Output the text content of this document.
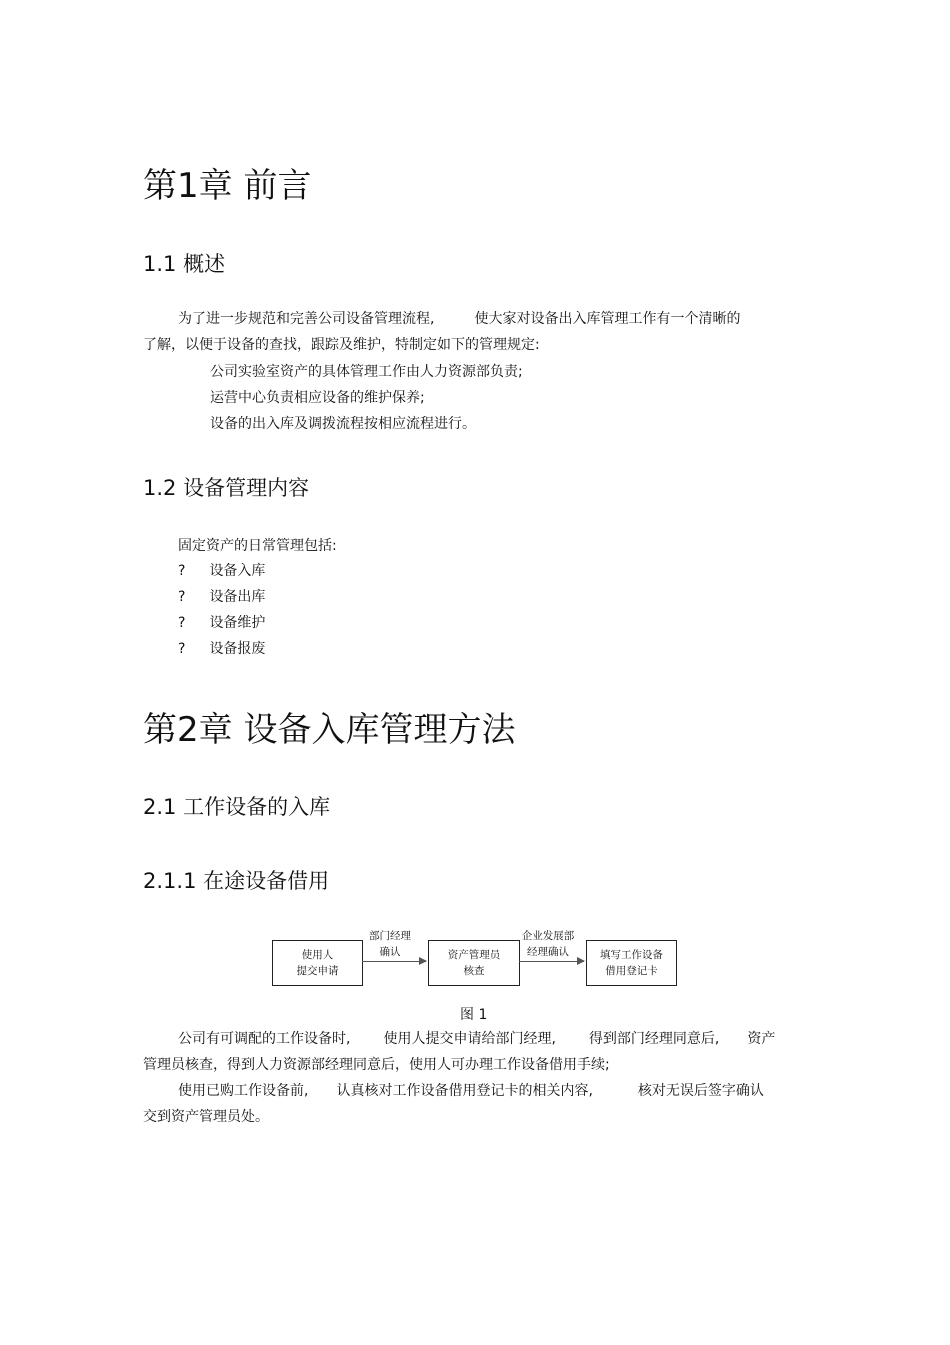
第1章 前言
1.1 概述
为了进一步规范和完善公司设备管理流程,	使大家对设备出入库管理工作有一个清晰的
了解，以便于设备的查找，跟踪及维护，特制定如下的管理规定:
公司实验室资产的具体管理工作由人力资源部负责;
运营中心负责相应设备的维护保养;
设备的出入库及调拨流程按相应流程进行。
1.2 设备管理内容
固定资产的日常管理包括:
? 设备入库
? 设备出库
? 设备维护
? 设备报废
第2章 设备入库管理方法
2.1 工作设备的入库
2.1.1 在途设备借用
使用人
提交申请
部门经理
确认	资产管理员
核查
企业发展部
经理确认	填写工作设备
借用登记卡
图 1
公司有可调配的工作设备时, 使用人提交申请给部门经理, 得到部门经理同意后, 资产
管理员核查，得到人力资源部经理同意后，使用人可办理工作设备借用手续;
使用已购工作设备前, 认真核对工作设备借用登记卡的相关内容,	核对无误后签字确认
交到资产管理员处。
